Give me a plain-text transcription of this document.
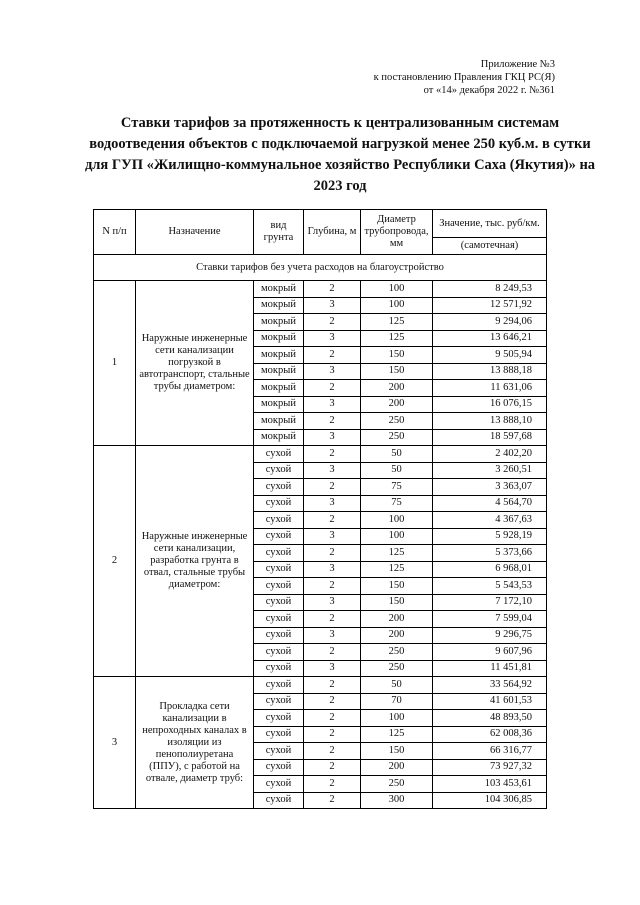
Приложение №3
к постановлению Правления ГКЦ РС(Я)
от «14» декабря 2022 г. №361
Ставки тарифов за протяженность к централизованным системам
водоотведения объектов с подключаемой нагрузкой менее 250 куб.м. в сутки
для ГУП «Жилищно-коммунальное хозяйство Республики Саха (Якутия)» на
2023 год
N п/п	Назначение	вид грунта	Глубина, м	Диаметр трубопровода, мм	Значение, тыс. руб/км.
					(самотечная)
Ставки тарифов без учета расходов на благоустройство					
1	Наружные инженерные сети канализации погрузкой в автотранспорт, стальные трубы диаметром:	мокрый	2	100	8 249,53
		мокрый	3	100	12 571,92
		мокрый	2	125	9 294,06
		мокрый	3	125	13 646,21
		мокрый	2	150	9 505,94
		мокрый	3	150	13 888,18
		мокрый	2	200	11 631,06
		мокрый	3	200	16 076,15
		мокрый	2	250	13 888,10
		мокрый	3	250	18 597,68
2	Наружные инженерные сети канализации, разработка грунта в отвал, стальные трубы диаметром:	сухой	2	50	2 402,20
		сухой	3	50	3 260,51
		сухой	2	75	3 363,07
		сухой	3	75	4 564,70
		сухой	2	100	4 367,63
		сухой	3	100	5 928,19
		сухой	2	125	5 373,66
		сухой	3	125	6 968,01
		сухой	2	150	5 543,53
		сухой	3	150	7 172,10
		сухой	2	200	7 599,04
		сухой	3	200	9 296,75
		сухой	2	250	9 607,96
		сухой	3	250	11 451,81
3	Прокладка сети канализации в непроходных каналах в изоляции из пенополиуретана (ППУ), с работой на отвале, диаметр труб:	сухой	2	50	33 564,92
		сухой	2	70	41 601,53
		сухой	2	100	48 893,50
		сухой	2	125	62 008,36
		сухой	2	150	66 316,77
		сухой	2	200	73 927,32
		сухой	2	250	103 453,61
		сухой	2	300	104 306,85
